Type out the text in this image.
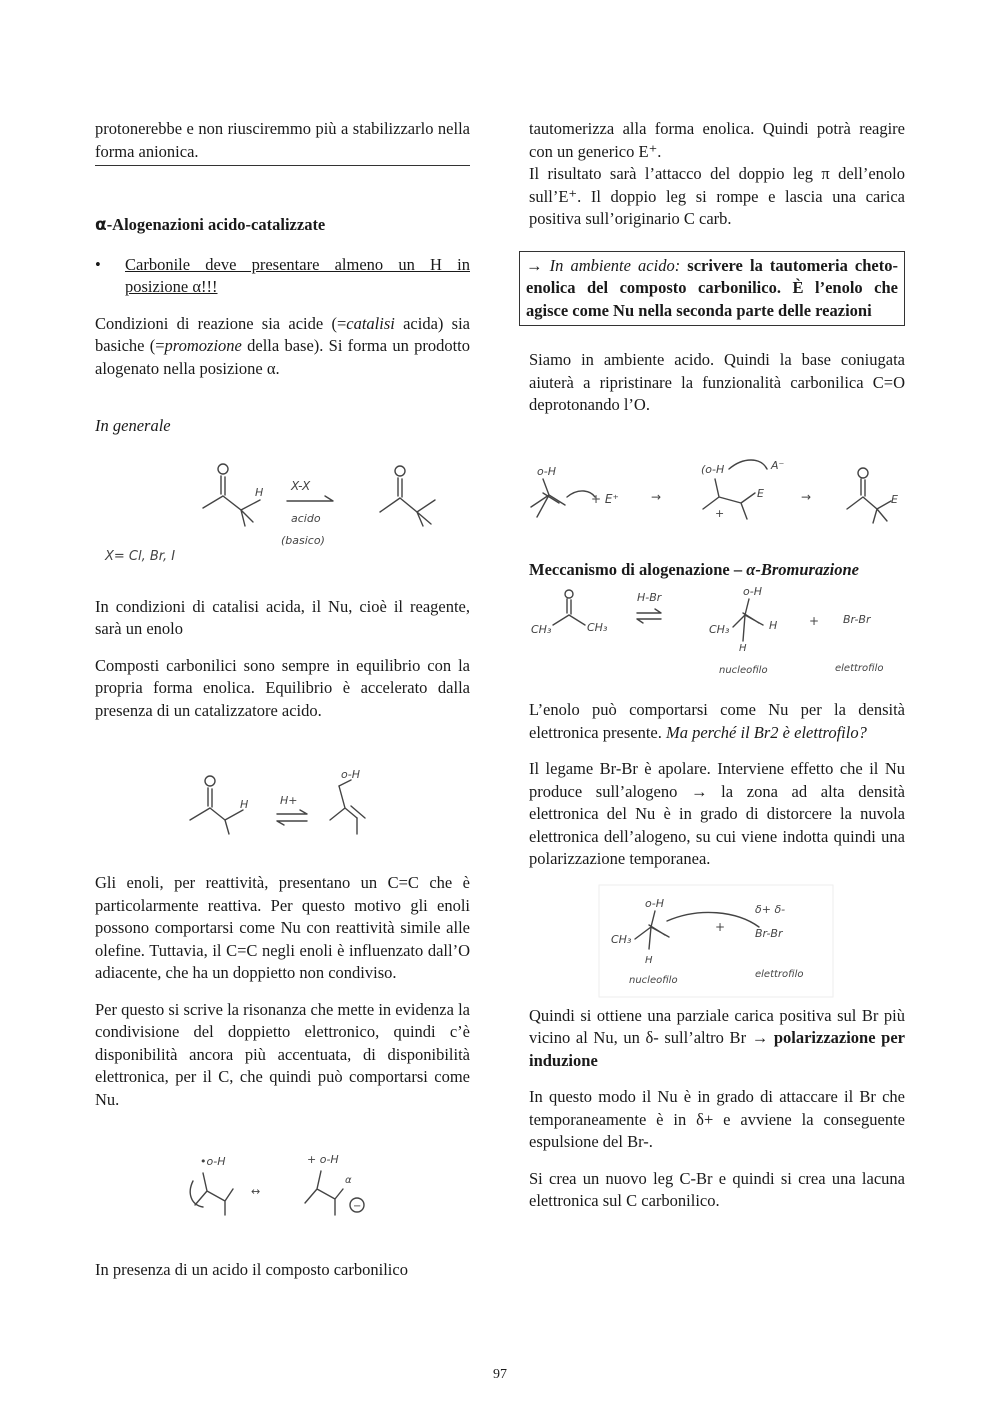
protonerebbe e non riusciremmo più a stabilizzarlo nella forma anionica.

α-Alogenazioni acido-catalizzate

• Carbonile deve presentare almeno un H in posizione α!!!

Condizioni di reazione sia acide (=catalisi acida) sia basiche (=promozione della base). Si forma un prodotto alogenato nella posizione α.

In generale

H X-X
acido
(basico)
X= Cl, Br, I

In condizioni di catalisi acida, il Nu, cioè il reagente, sarà un enolo

Composti carbonilici sono sempre in equilibrio con la propria forma enolica. Equilibrio è accelerato dalla presenza di un catalizzatore acido.

H	H+
o-H

Gli enoli, per reattività, presentano un C=C che è particolarmente reattiva. Per questo motivo gli enoli possono comportarsi come Nu con reattività simile alle olefine. Tuttavia, il C=C negli enoli è influenzato dall’O adiacente, che ha un doppietto non condiviso.

Per questo si scrive la risonanza che mette in evidenza la condivisione del doppietto elettronico, quindi c’è disponibilità ancora più accentuata, di disponibilità elettronica, per il C, che quindi può comportarsi come Nu.

•o-H
↔
+ o-H
α
−

In presenza di un acido il composto carbonilico

tautomerizza alla forma enolica. Quindi potrà reagire con un generico E⁺.

Il risultato sarà l’attacco del doppio leg π dell’enolo sull’E⁺. Il doppio leg si rompe e lascia una carica positiva sull’originario C carb.

→ In ambiente acido: scrivere la tautomeria cheto-enolica del composto carbonilico. È l’enolo che agisce come Nu nella seconda parte delle reazioni

Siamo in ambiente acido. Quindi la base coniugata aiuterà a ripristinare la funzionalità carbonilica C=O deprotonando l’O.

o-H
+ E⁺	→
(o-H	A⁻
+
E	→	E
Meccanismo di alogenazione – α-Bromurazione
CH₃	CH₃
H-Br
CH₃
o-H
H
H
nucleofilo
+ Br-Br
elettrofilo

L’enolo può comportarsi come Nu per la densità elettronica presente. Ma perché il Br2 è elettrofilo?

Il legame Br-Br è apolare. Interviene effetto che il Nu produce sull’alogeno → la zona ad alta densità elettronica del Nu è in grado di distorcere la nuvola elettronica dell’alogeno, su cui viene indotta quindi una polarizzazione temporanea.

o-H
CH₃
H
nucleofilo
+
δ+ δ-
Br-Br
elettrofilo

Quindi si ottiene una parziale carica positiva sul Br più vicino al Nu, un δ- sull’altro Br → polarizzazione per induzione

In questo modo il Nu è in grado di attaccare il Br che temporaneamente è in δ+ e avviene la conseguente espulsione del Br-.

Si crea un nuovo leg C-Br e quindi si crea una lacuna elettronica sul C carbonilico.

97
